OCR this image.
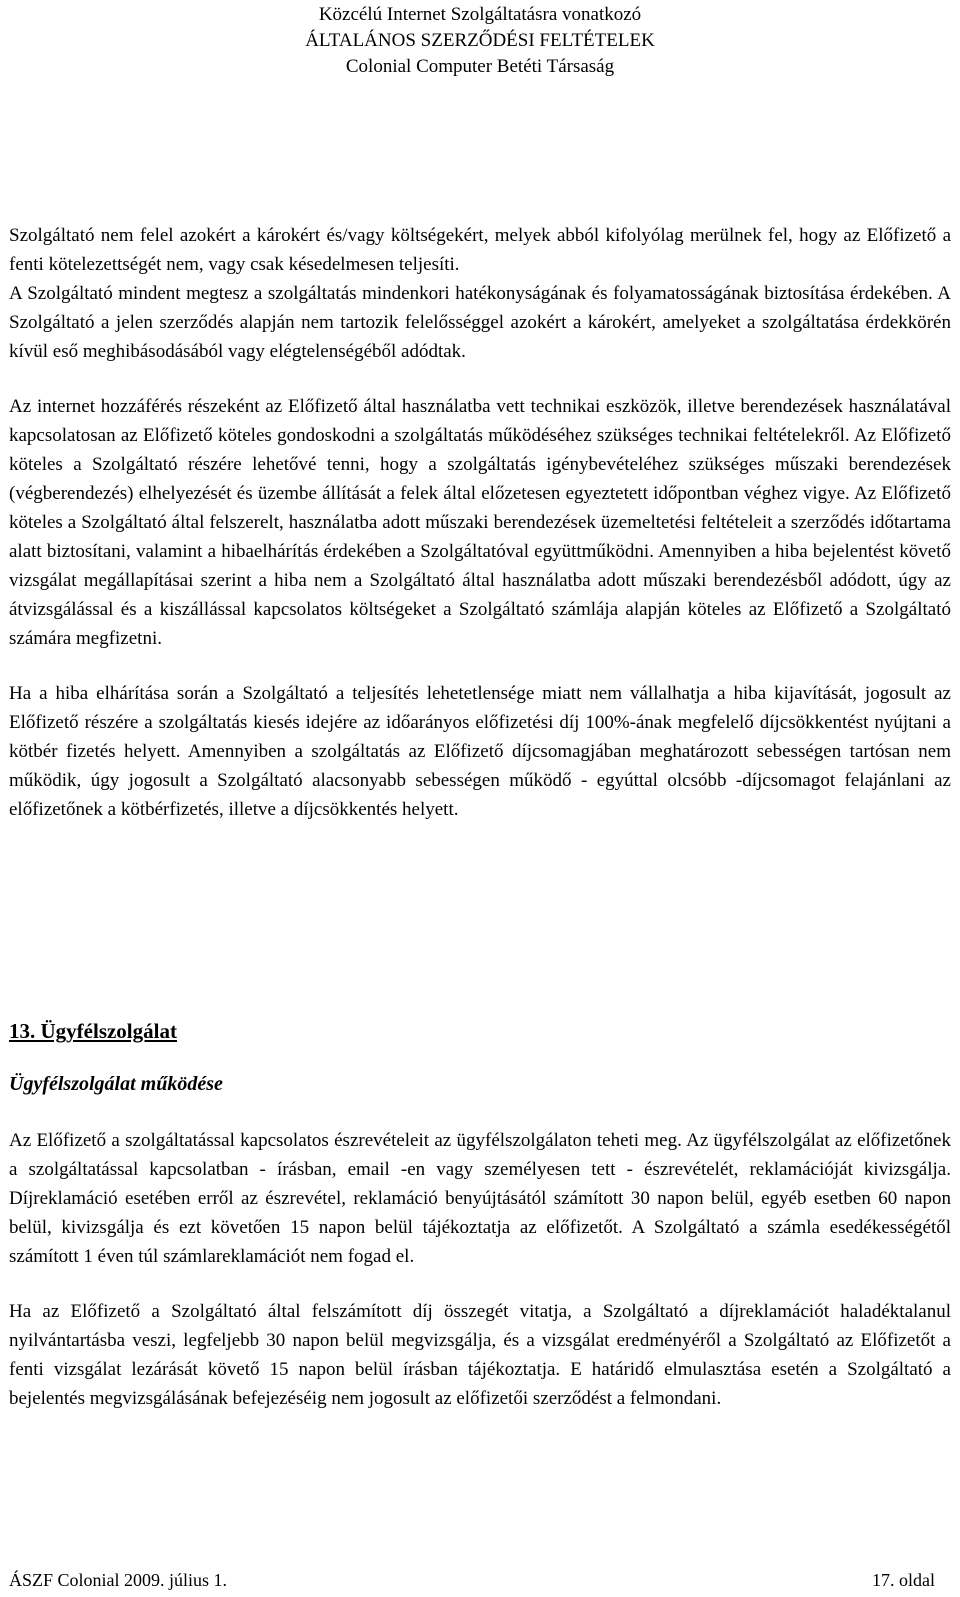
Közcélú Internet Szolgáltatásra vonatkozó
ÁLTALÁNOS SZERZŐDÉSI FELTÉTELEK
Colonial Computer Betéti Társaság

Szolgáltató nem felel azokért a károkért és/vagy költségekért, melyek abból kifolyólag merülnek fel, hogy az Előfizető a fenti kötelezettségét nem, vagy csak késedelmesen teljesíti.

A Szolgáltató mindent megtesz a szolgáltatás mindenkori hatékonyságának és folyamatosságának biztosítása érdekében. A Szolgáltató a jelen szerződés alapján nem tartozik felelősséggel azokért a károkért, amelyeket a szolgáltatása érdekkörén kívül eső meghibásodásából vagy elégtelenségéből adódtak.

Az internet hozzáférés részeként az Előfizető által használatba vett technikai eszközök, illetve berendezések használatával kapcsolatosan az Előfizető köteles gondoskodni a szolgáltatás működéséhez szükséges technikai feltételekről. Az Előfizető köteles a Szolgáltató részére lehetővé tenni, hogy a szolgáltatás igénybevételéhez szükséges műszaki berendezések (végberendezés) elhelyezését és üzembe állítását a felek által előzetesen egyeztetett időpontban véghez vigye. Az Előfizető köteles a Szolgáltató által felszerelt, használatba adott műszaki berendezések üzemeltetési feltételeit a szerződés időtartama alatt biztosítani, valamint a hibaelhárítás érdekében a Szolgáltatóval együttműködni. Amennyiben a hiba bejelentést követő vizsgálat megállapításai szerint a hiba nem a Szolgáltató által használatba adott műszaki berendezésből adódott, úgy az átvizsgálással és a kiszállással kapcsolatos költségeket a Szolgáltató számlája alapján köteles az Előfizető a Szolgáltató számára megfizetni.

Ha a hiba elhárítása során a Szolgáltató a teljesítés lehetetlensége miatt nem vállalhatja a hiba kijavítását, jogosult az Előfizető részére a szolgáltatás kiesés idejére az időarányos előfizetési díj 100%-ának megfelelő díjcsökkentést nyújtani a kötbér fizetés helyett. Amennyiben a szolgáltatás az Előfizető díjcsomagjában meghatározott sebességen tartósan nem működik, úgy jogosult a Szolgáltató alacsonyabb sebességen működő - egyúttal olcsóbb -díjcsomagot felajánlani az előfizetőnek a kötbérfizetés, illetve a díjcsökkentés helyett.

13. Ügyfélszolgálat
Ügyfélszolgálat működése

Az Előfizető a szolgáltatással kapcsolatos észrevételeit az ügyfélszolgálaton teheti meg. Az ügyfélszolgálat az előfizetőnek a szolgáltatással kapcsolatban - írásban, email -en vagy személyesen tett - észrevételét, reklamációját kivizsgálja. Díjreklamáció esetében erről az észrevétel, reklamáció benyújtásától számított 30 napon belül, egyéb esetben 60 napon belül, kivizsgálja és ezt követően 15 napon belül tájékoztatja az előfizetőt. A Szolgáltató a számla esedékességétől számított 1 éven túl számlareklamációt nem fogad el.

Ha az Előfizető a Szolgáltató által felszámított díj összegét vitatja, a Szolgáltató a díjreklamációt haladéktalanul nyilvántartásba veszi, legfeljebb 30 napon belül megvizsgálja, és a vizsgálat eredményéről a Szolgáltató az Előfizetőt a fenti vizsgálat lezárását követő 15 napon belül írásban tájékoztatja. E határidő elmulasztása esetén a Szolgáltató a bejelentés megvizsgálásának befejezéséig nem jogosult az előfizetői szerződést a felmondani.

ÁSZF Colonial 2009. július 1.	17. oldal
